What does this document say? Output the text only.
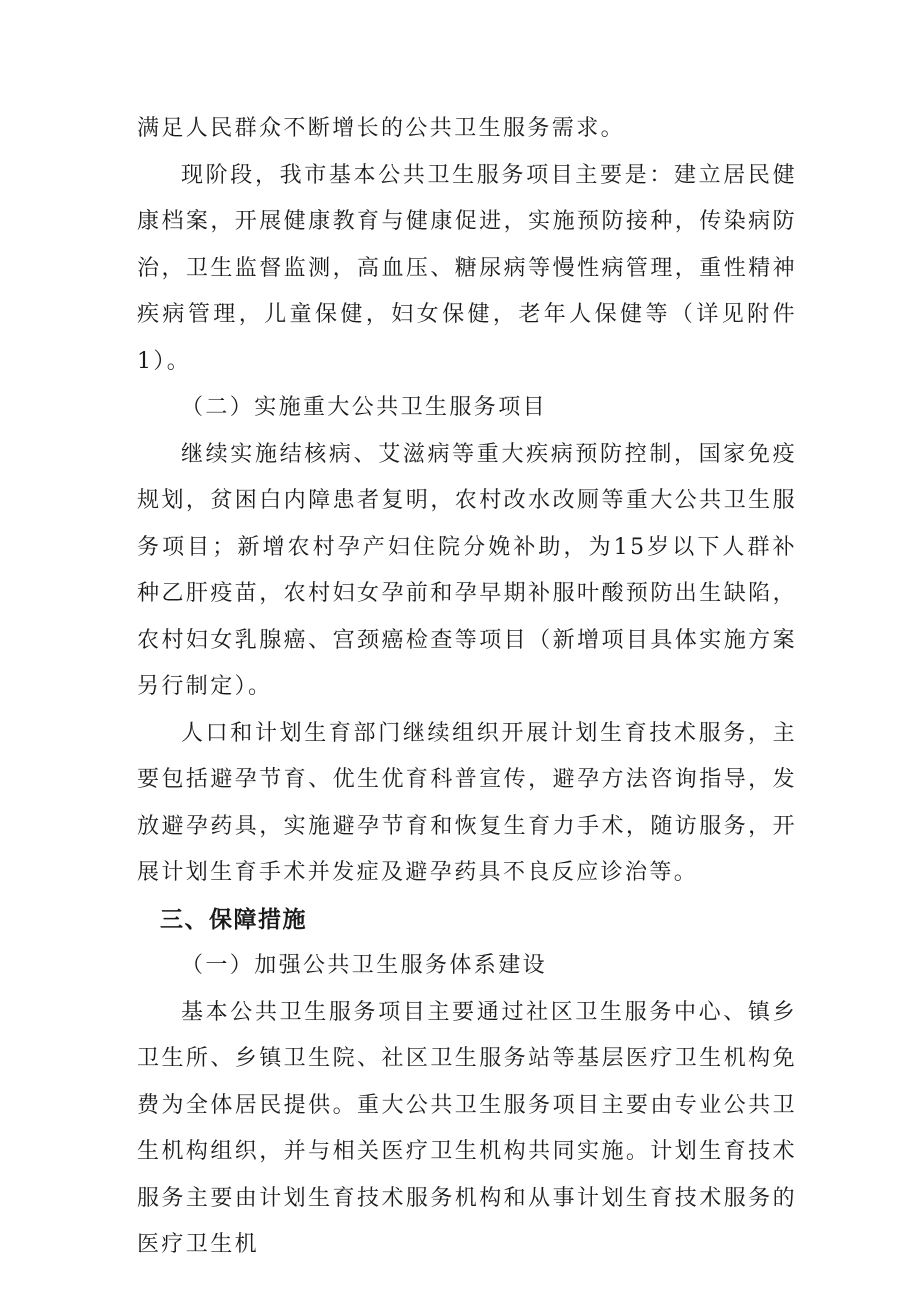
满足人民群众不断增长的公共卫生服务需求。

现阶段，我市基本公共卫生服务项目主要是：建立居民健康档案，开展健康教育与健康促进，实施预防接种，传染病防治，卫生监督监测，高血压、糖尿病等慢性病管理，重性精神疾病管理，儿童保健，妇女保健，老年人保健等（详见附件1）。

（二）实施重大公共卫生服务项目

继续实施结核病、艾滋病等重大疾病预防控制，国家免疫规划，贫困白内障患者复明，农村改水改厕等重大公共卫生服务项目；新增农村孕产妇住院分娩补助，为15岁以下人群补种乙肝疫苗，农村妇女孕前和孕早期补服叶酸预防出生缺陷，农村妇女乳腺癌、宫颈癌检查等项目（新增项目具体实施方案另行制定）。

人口和计划生育部门继续组织开展计划生育技术服务，主要包括避孕节育、优生优育科普宣传，避孕方法咨询指导，发放避孕药具，实施避孕节育和恢复生育力手术，随访服务，开展计划生育手术并发症及避孕药具不良反应诊治等。

三、保障措施

（一）加强公共卫生服务体系建设

基本公共卫生服务项目主要通过社区卫生服务中心、镇乡卫生所、乡镇卫生院、社区卫生服务站等基层医疗卫生机构免费为全体居民提供。重大公共卫生服务项目主要由专业公共卫生机构组织，并与相关医疗卫生机构共同实施。计划生育技术服务主要由计划生育技术服务机构和从事计划生育技术服务的医疗卫生机
